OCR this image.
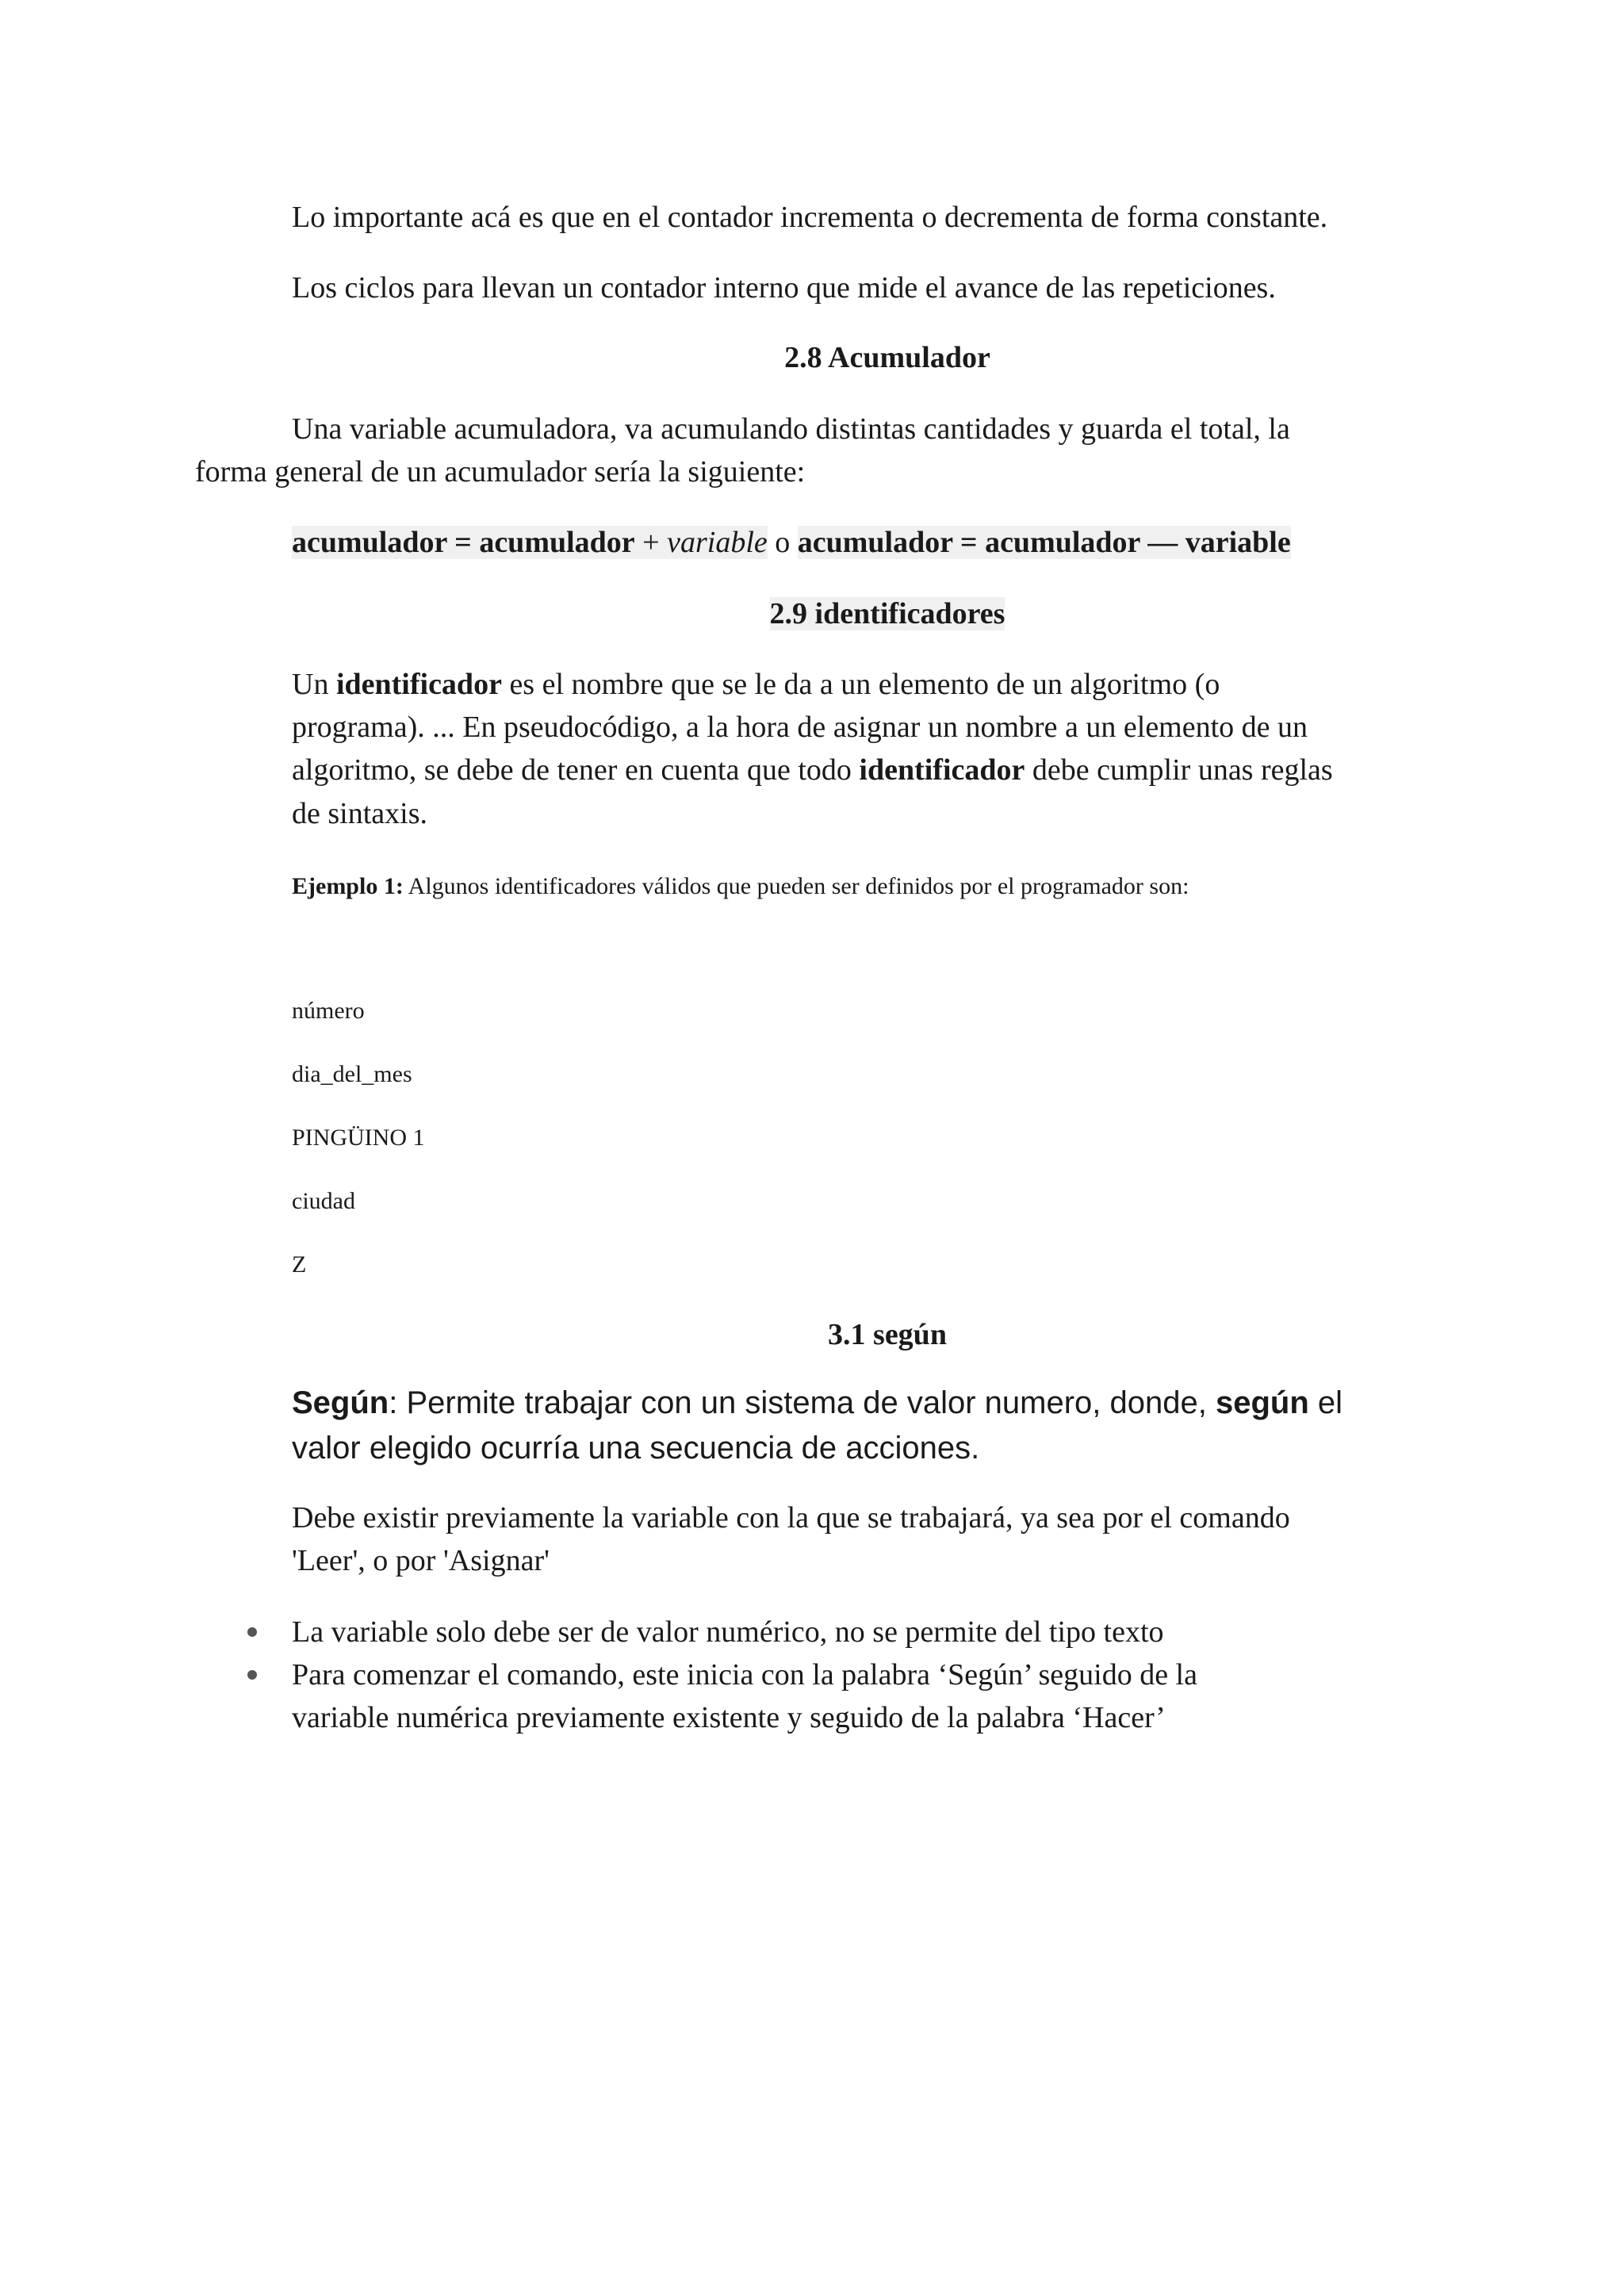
Lo importante acá es que en el contador incrementa o decrementa de forma constante.

Los ciclos para llevan un contador interno que mide el avance de las repeticiones.

2.8 Acumulador

Una variable acumuladora, va acumulando distintas cantidades y guarda el total, la

forma general de un acumulador sería la siguiente:

acumulador = acumulador + variable o acumulador = acumulador — variable

2.9 identificadores

Un identificador es el nombre que se le da a un elemento de un algoritmo (o

programa). ... En pseudocódigo, a la hora de asignar un nombre a un elemento de un

algoritmo, se debe de tener en cuenta que todo identificador debe cumplir unas reglas

de sintaxis.

Ejemplo 1: Algunos identificadores válidos que pueden ser definidos por el programador son:

número

dia_del_mes

PINGÜINO 1

ciudad

Z

3.1 según

Según: Permite trabajar con un sistema de valor numero, donde, según el

valor elegido ocurría una secuencia de acciones.

Debe existir previamente la variable con la que se trabajará, ya sea por el comando

'Leer', o por 'Asignar'

La variable solo debe ser de valor numérico, no se permite del tipo texto

Para comenzar el comando, este inicia con la palabra ‘Según’ seguido de la

variable numérica previamente existente y seguido de la palabra ‘Hacer’
